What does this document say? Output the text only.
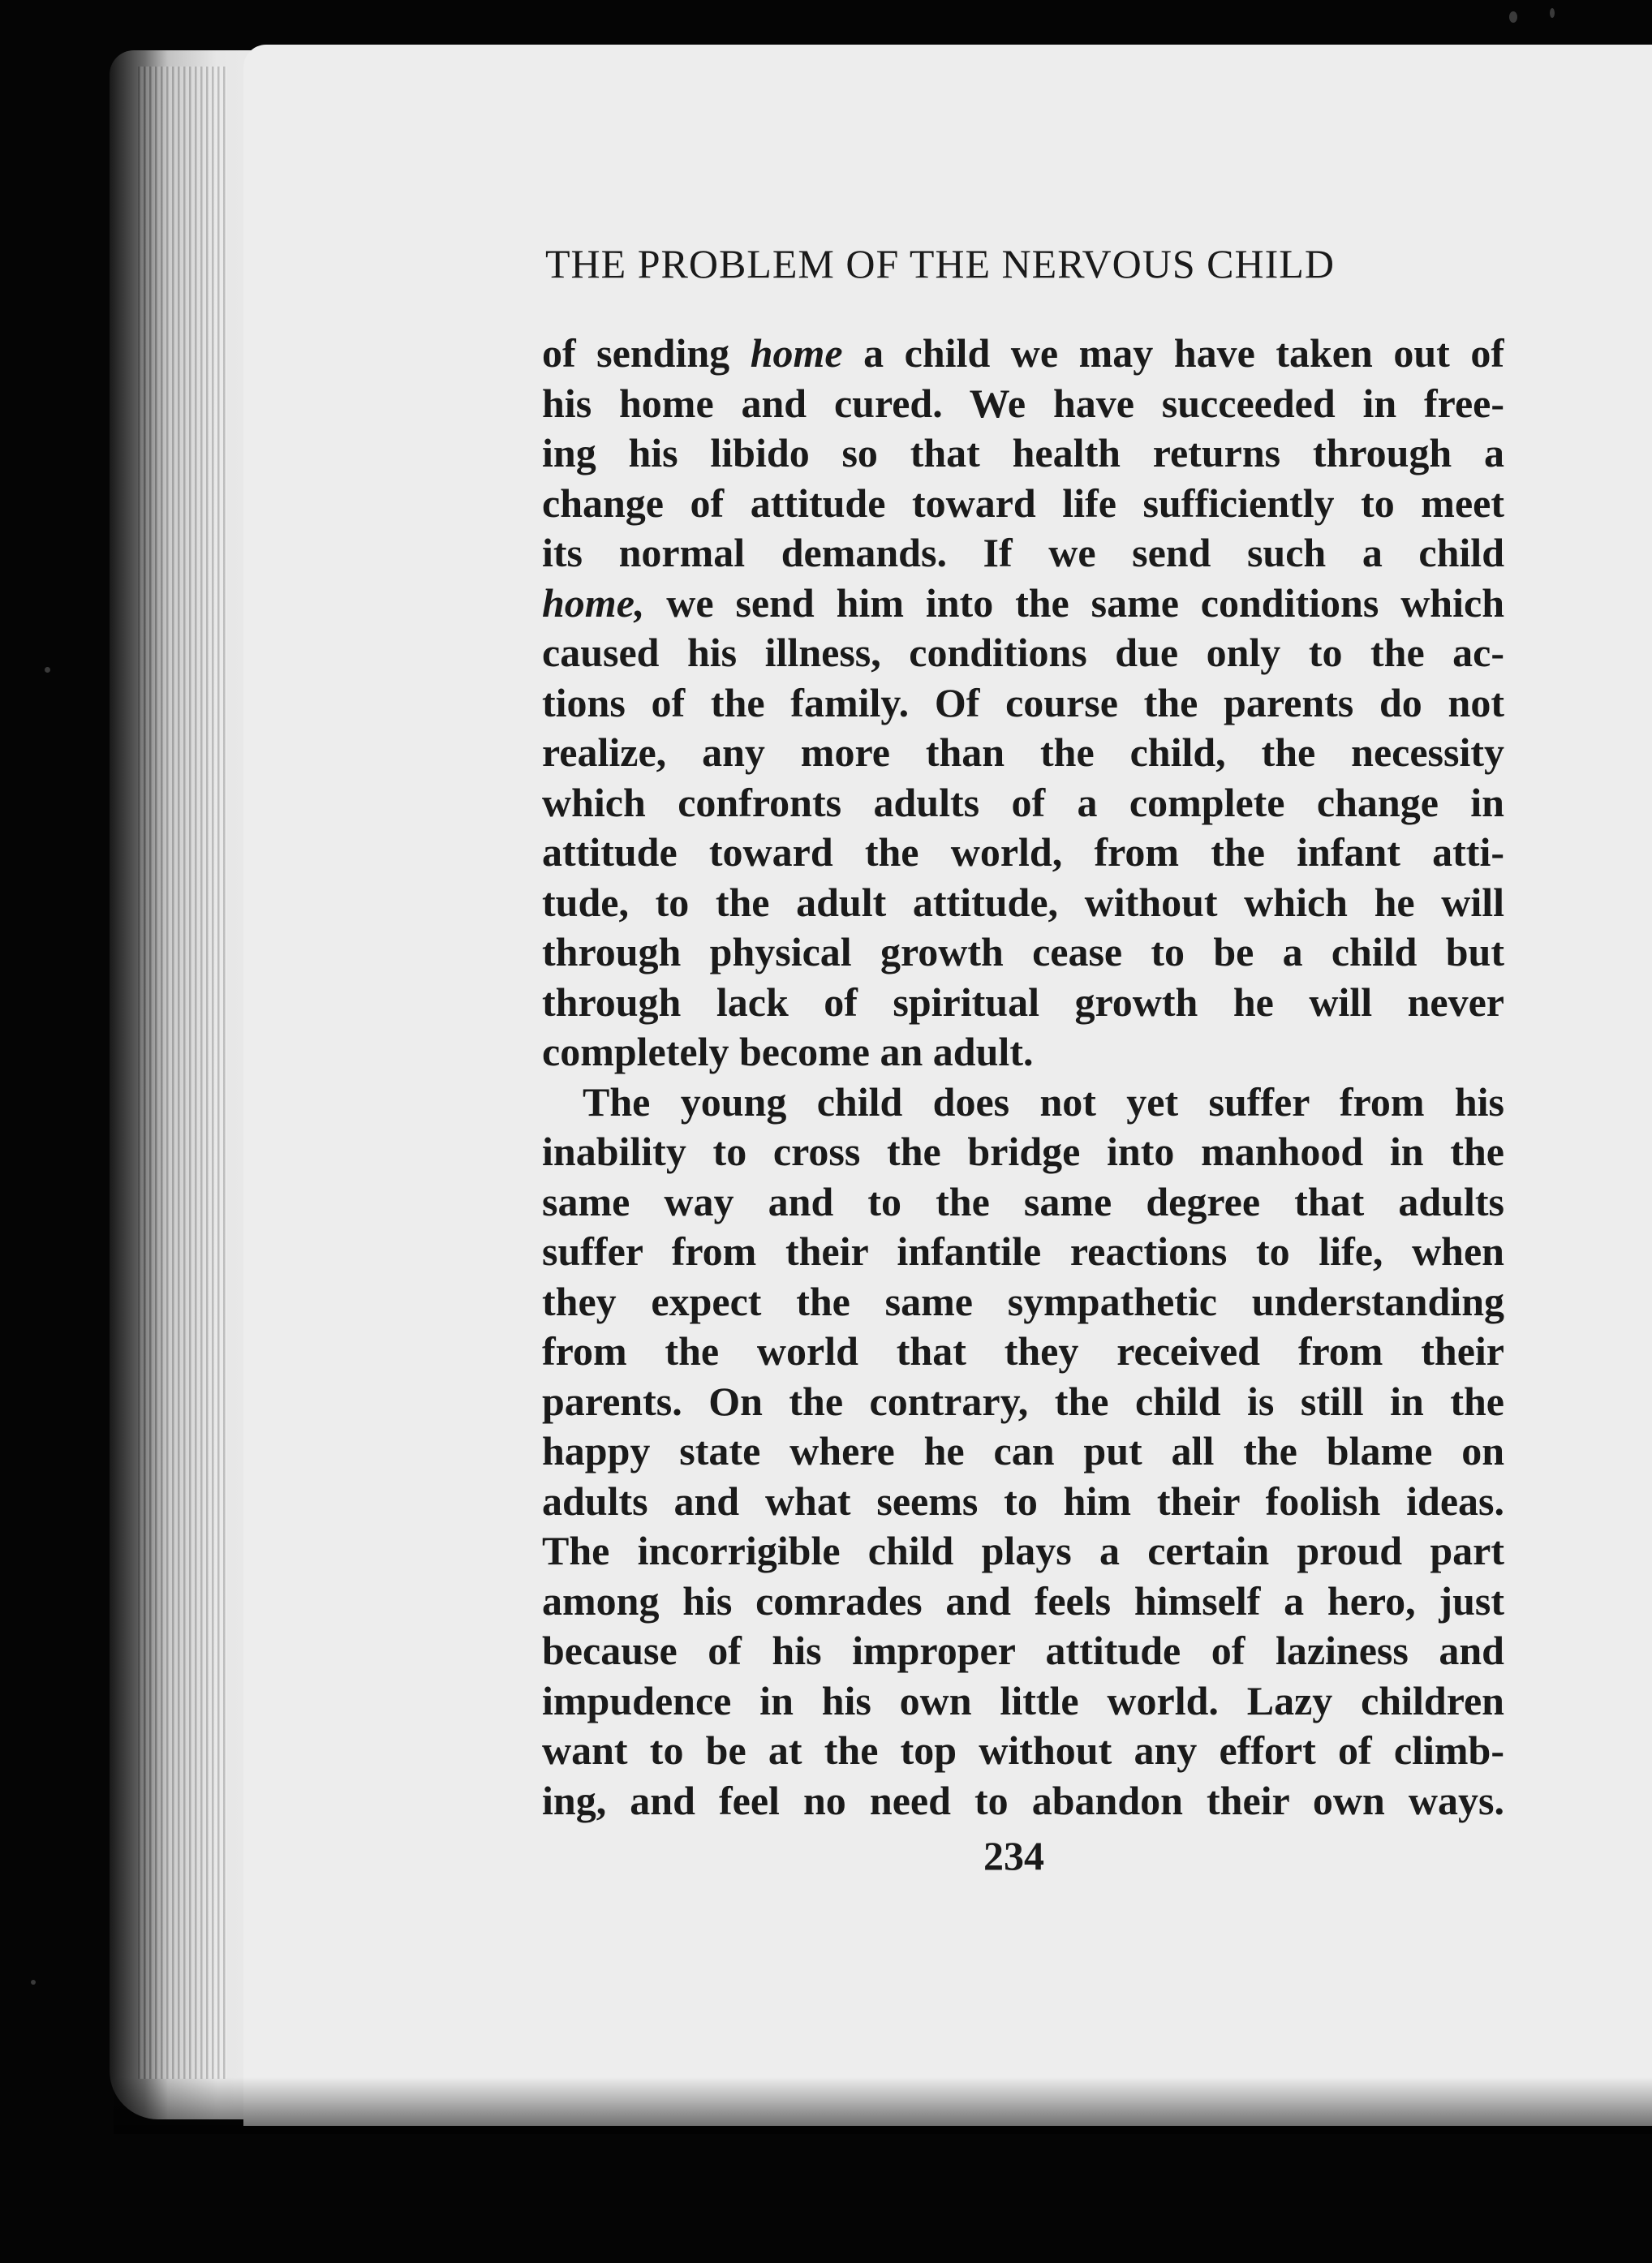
THE PROBLEM OF THE NERVOUS CHILD
of sending home a child we may have taken out of
his home and cured. We have succeeded in free-
ing his libido so that health returns through a
change of attitude toward life sufficiently to meet
its normal demands. If we send such a child
home, we send him into the same conditions which
caused his illness, conditions due only to the ac-
tions of the family. Of course the parents do not
realize, any more than the child, the necessity
which confronts adults of a complete change in
attitude toward the world, from the infant atti-
tude, to the adult attitude, without which he will
through physical growth cease to be a child but
through lack of spiritual growth he will never
completely become an adult.
The young child does not yet suffer from his
inability to cross the bridge into manhood in the
same way and to the same degree that adults
suffer from their infantile reactions to life, when
they expect the same sympathetic understanding
from the world that they received from their
parents. On the contrary, the child is still in the
happy state where he can put all the blame on
adults and what seems to him their foolish ideas.
The incorrigible child plays a certain proud part
among his comrades and feels himself a hero, just
because of his improper attitude of laziness and
impudence in his own little world. Lazy children
want to be at the top without any effort of climb-
ing, and feel no need to abandon their own ways.
234
